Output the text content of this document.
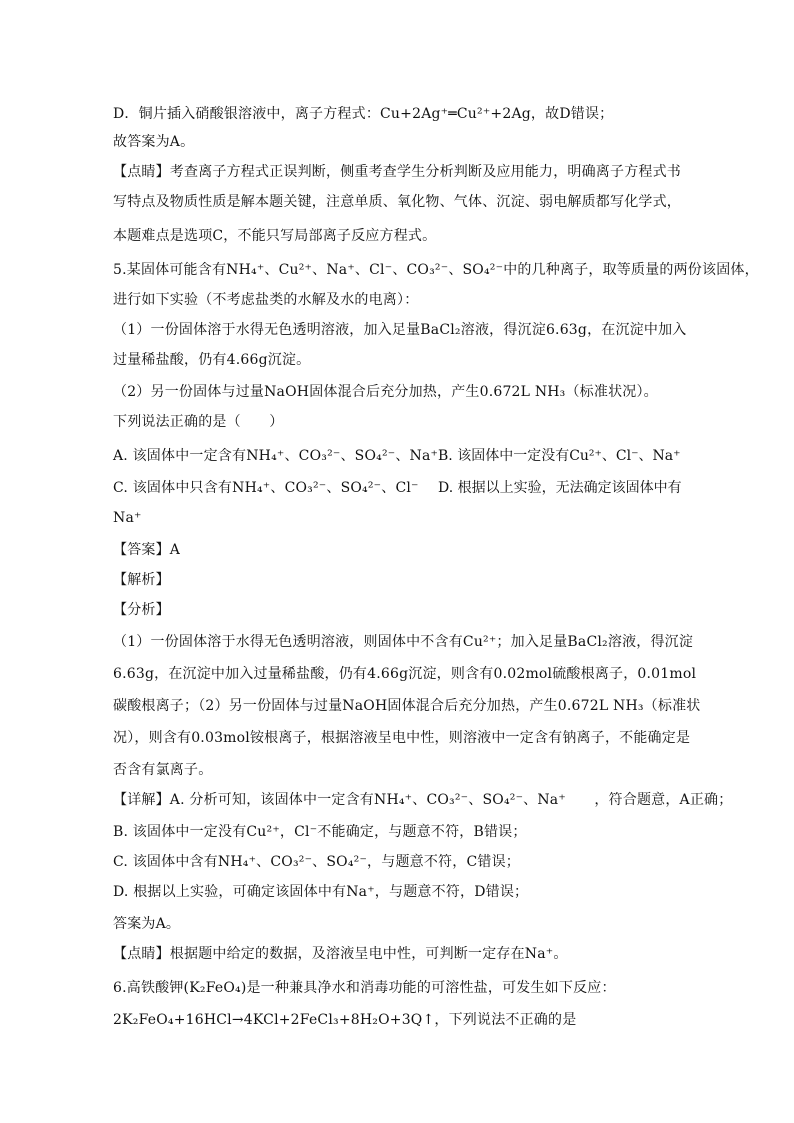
D．铜片插入硝酸银溶液中，离子方程式：Cu+2Ag⁺═Cu²⁺+2Ag，故D错误；
故答案为A。
【点睛】考查离子方程式正误判断，侧重考查学生分析判断及应用能力，明确离子方程式书
写特点及物质性质是解本题关键，注意单质、氧化物、气体、沉淀、弱电解质都写化学式，
本题难点是选项C，不能只写局部离子反应方程式。
5.某固体可能含有NH₄⁺、Cu²⁺、Na⁺、Cl⁻、CO₃²⁻、SO₄²⁻中的几种离子，取等质量的两份该固体，
进行如下实验（不考虑盐类的水解及水的电离）：
（1）一份固体溶于水得无色透明溶液，加入足量BaCl₂溶液，得沉淀6.63g，在沉淀中加入
过量稀盐酸，仍有4.66g沉淀。
（2）另一份固体与过量NaOH固体混合后充分加热，产生0.672L NH₃（标准状况）。
下列说法正确的是（　　）
A. 该固体中一定含有NH₄⁺、CO₃²⁻、SO₄²⁻、Na⁺ B. 该固体中一定没有Cu²⁺、Cl⁻、Na⁺
C. 该固体中只含有NH₄⁺、CO₃²⁻、SO₄²⁻、Cl⁻ D. 根据以上实验，无法确定该固体中有
Na⁺
【答案】A
【解析】
【分析】
（1）一份固体溶于水得无色透明溶液，则固体中不含有Cu²⁺；加入足量BaCl₂溶液，得沉淀
6.63g，在沉淀中加入过量稀盐酸，仍有4.66g沉淀，则含有0.02mol硫酸根离子，0.01mol
碳酸根离子；（2）另一份固体与过量NaOH固体混合后充分加热，产生0.672L NH₃（标准状
况），则含有0.03mol铵根离子，根据溶液呈电中性，则溶液中一定含有钠离子，不能确定是
否含有氯离子。
【详解】A. 分析可知，该固体中一定含有NH₄⁺、CO₃²⁻、SO₄²⁻、Na⁺　　，符合题意，A正确；
B. 该固体中一定没有Cu²⁺，Cl⁻不能确定，与题意不符，B错误；
C. 该固体中含有NH₄⁺、CO₃²⁻、SO₄²⁻，与题意不符，C错误；
D. 根据以上实验，可确定该固体中有Na⁺，与题意不符，D错误；
答案为A。
【点睛】根据题中给定的数据，及溶液呈电中性，可判断一定存在Na⁺。
6.高铁酸钾(K₂FeO₄)是一种兼具净水和消毒功能的可溶性盐，可发生如下反应：
2K₂FeO₄+16HCl→4KCl+2FeCl₃+8H₂O+3Q↑，下列说法不正确的是
